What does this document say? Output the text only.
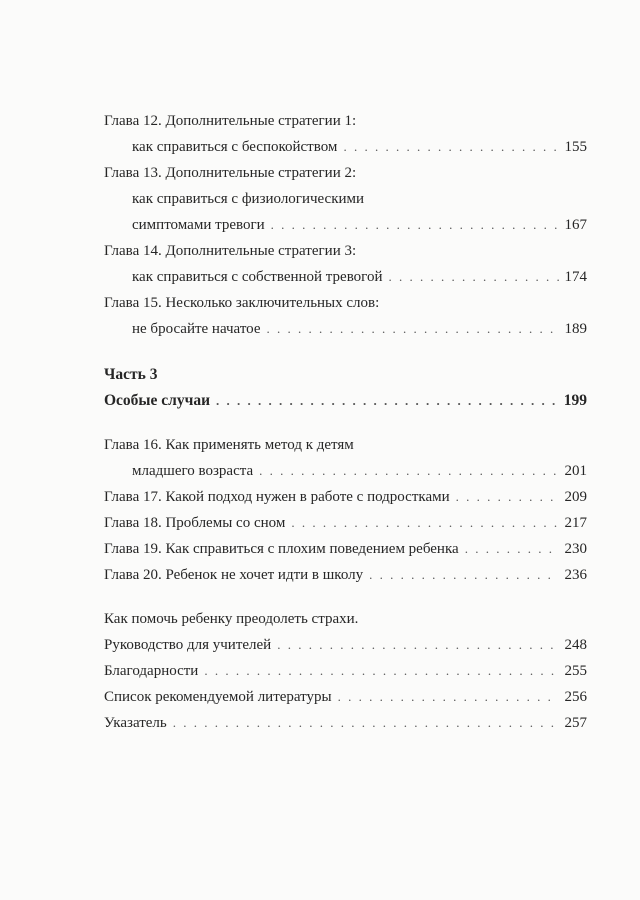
Глава 12. Дополнительные стратегии 1:
как справиться с беспокойством . . .	155
Глава 13. Дополнительные стратегии 2:
как справиться с физиологическими
симптомами тревоги . . .	167
Глава 14. Дополнительные стратегии 3:
как справиться с собственной тревогой . . .	174
Глава 15. Несколько заключительных слов:
не бросайте начатое . . .	189
Часть 3
Особые случаи . . .	199
Глава 16. Как применять метод к детям
младшего возраста . . .	201
Глава 17. Какой подход нужен в работе с подростками . . .	209
Глава 18. Проблемы со сном . . .	217
Глава 19. Как справиться с плохим поведением ребенка . . .	230
Глава 20. Ребенок не хочет идти в школу . . .	236
Как помочь ребенку преодолеть страхи.
Руководство для учителей . . .	248
Благодарности . . .	255
Список рекомендуемой литературы . . .	256
Указатель . . .	257
